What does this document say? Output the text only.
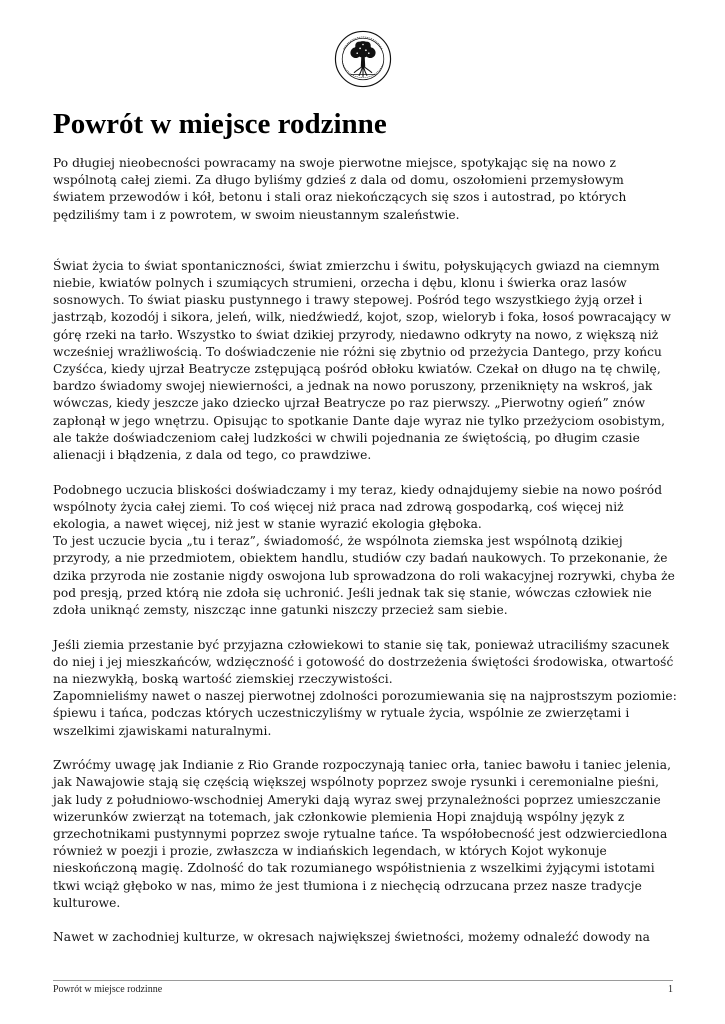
Powrót w miejsce rodzinne

Po długiej nieobecności powracamy na swoje pierwotne miejsce, spotykając się na nowo z wspólnotą całej ziemi. Za długo byliśmy gdzieś z dala od domu, oszołomieni przemysłowym światem przewodów i kół, betonu i stali oraz niekończących się szos i autostrad, po których pędziliśmy tam i z powrotem, w swoim nieustannym szaleństwie.

Świat życia to świat spontaniczności, świat zmierzchu i świtu, połyskujących gwiazd na ciemnym niebie, kwiatów polnych i szumiących strumieni, orzecha i dębu, klonu i świerka oraz lasów sosnowych. To świat piasku pustynnego i trawy stepowej. Pośród tego wszystkiego żyją orzeł i jastrząb, kozodój i sikora, jeleń, wilk, niedźwiedź, kojot, szop, wieloryb i foka, łosoś powracający w górę rzeki na tarło. Wszystko to świat dzikiej przyrody, niedawno odkryty na nowo, z większą niż wcześniej wrażliwością. To doświadczenie nie różni się zbytnio od przeżycia Dantego, przy końcu Czyśćca, kiedy ujrzał Beatrycze zstępującą pośród obłoku kwiatów. Czekał on długo na tę chwilę, bardzo świadomy swojej niewierności, a jednak na nowo poruszony, przeniknięty na wskroś, jak wówczas, kiedy jeszcze jako dziecko ujrzał Beatrycze po raz pierwszy. „Pierwotny ogień” znów zapłonął w jego wnętrzu. Opisując to spotkanie Dante daje wyraz nie tylko przeżyciom osobistym, ale także doświadczeniom całej ludzkości w chwili pojednania ze świętością, po długim czasie alienacji i błądzenia, z dala od tego, co prawdziwe.

Podobnego uczucia bliskości doświadczamy i my teraz, kiedy odnajdujemy siebie na nowo pośród wspólnoty życia całej ziemi. To coś więcej niż praca nad zdrową gospodarką, coś więcej niż ekologia, a nawet więcej, niż jest w stanie wyrazić ekologia głęboka.

To jest uczucie bycia „tu i teraz”, świadomość, że wspólnota ziemska jest wspólnotą dzikiej przyrody, a nie przedmiotem, obiektem handlu, studiów czy badań naukowych. To przekonanie, że dzika przyroda nie zostanie nigdy oswojona lub sprowadzona do roli wakacyjnej rozrywki, chyba że pod presją, przed którą nie zdoła się uchronić. Jeśli jednak tak się stanie, wówczas człowiek nie zdoła uniknąć zemsty, niszcząc inne gatunki niszczy przecież sam siebie.

Jeśli ziemia przestanie być przyjazna człowiekowi to stanie się tak, ponieważ utraciliśmy szacunek do niej i jej mieszkańców, wdzięczność i gotowość do dostrzeżenia świętości środowiska, otwartość na niezwykłą, boską wartość ziemskiej rzeczywistości.

Zapomnieliśmy nawet o naszej pierwotnej zdolności porozumiewania się na najprostszym poziomie: śpiewu i tańca, podczas których uczestniczyliśmy w rytuale życia, wspólnie ze zwierzętami i wszelkimi zjawiskami naturalnymi.

Zwróćmy uwagę jak Indianie z Rio Grande rozpoczynają taniec orła, taniec bawołu i taniec jelenia, jak Nawajowie stają się częścią większej wspólnoty poprzez swoje rysunki i ceremonialne pieśni, jak ludy z południowo-wschodniej Ameryki dają wyraz swej przynależności poprzez umieszczanie wizerunków zwierząt na totemach, jak członkowie plemienia Hopi znajdują wspólny język z grzechotnikami pustynnymi poprzez swoje rytualne tańce. Ta współobecność jest odzwierciedlona również w poezji i prozie, zwłaszcza w indiańskich legendach, w których Kojot wykonuje nieskończoną magię. Zdolność do tak rozumianego współistnienia z wszelkimi żyjącymi istotami tkwi wciąż głęboko w nas, mimo że jest tłumiona i z niechęcią odrzucana przez nasze tradycje kulturowe.

Nawet w zachodniej kulturze, w okresach największej świetności, możemy odnaleźć dowody na

Powrót w miejsce rodzinne	1
